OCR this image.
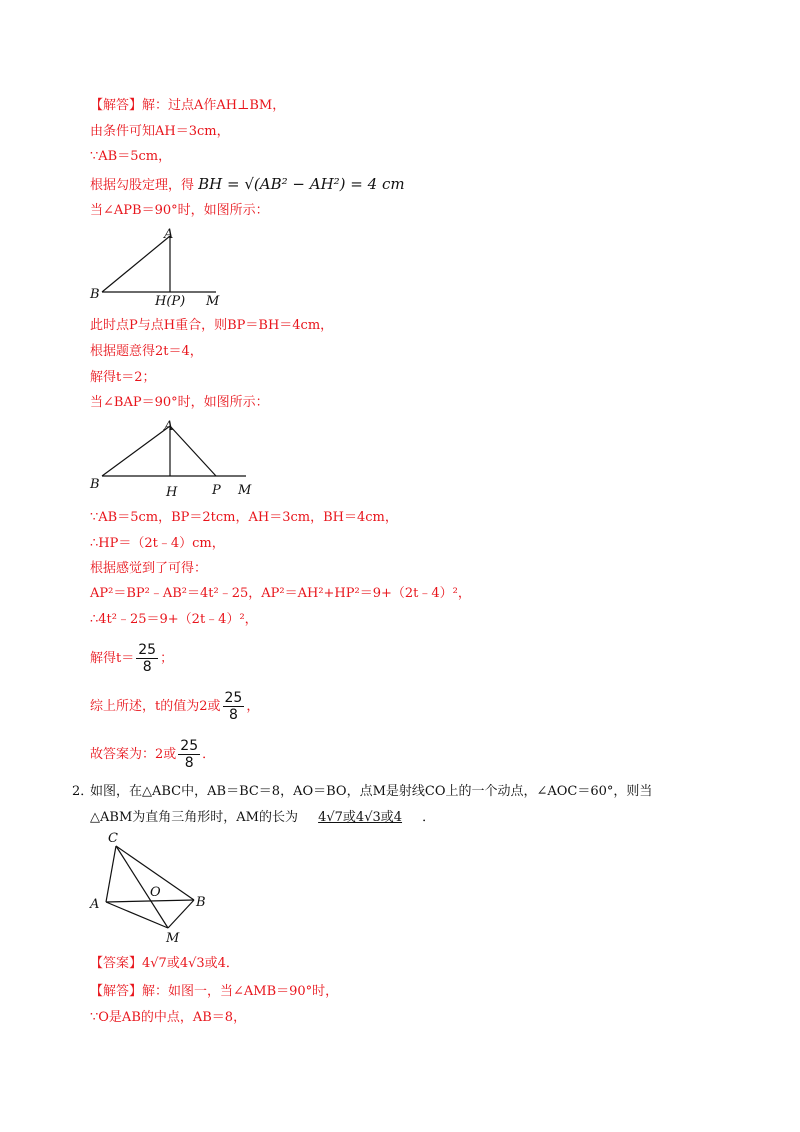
【解答】解：过点A作AH⊥BM，
由条件可知AH＝3cm，
∵AB＝5cm，
根据勾股定理，得 BH = √(AB² − AH²) = 4 cm
当∠APB＝90°时，如图所示：
A
B	H(P) M
此时点P与点H重合，则BP＝BH＝4cm，
根据题意得2t＝4，
解得t＝2；
当∠BAP＝90°时，如图所示：
A
B
H	P M
∵AB＝5cm，BP＝2tcm，AH＝3cm，BH＝4cm，
∴HP＝（2t﹣4）cm，
根据感觉到了可得：
AP²＝BP²﹣AB²＝4t²﹣25，AP²＝AH²+HP²＝9+（2t﹣4）²，
∴4t²﹣25＝9+（2t﹣4）²，
解得$t= \frac{25}{8}$ ；
综上所述，t的值为2或 $\frac{25}{8}$ ，
故答案为：2或 $\frac{25}{8}$ ．
2．
如图，在△ABC中，AB＝BC＝8，AO＝BO，点M是射线CO上的一个动点，∠AOC＝60°，则当
△ABM为直角三角形时，AM的长为 4√7或4√3或4 ．
C
O
A	B
M
【答案】4√7或4√3或4．
【解答】解：如图一，当∠AMB＝90°时，
∵O是AB的中点，AB＝8，
